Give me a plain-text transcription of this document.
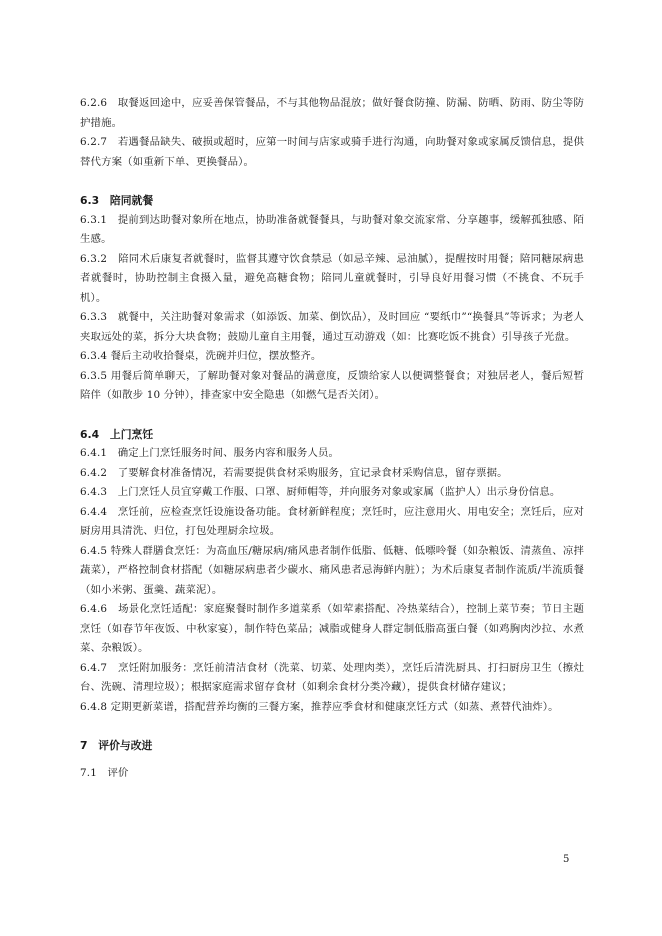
6.2.6　取餐返回途中，应妥善保管餐品，不与其他物品混放；做好餐食防撞、防漏、防晒、防雨、防尘等防护措施。

6.2.7　若遇餐品缺失、破损或超时，应第一时间与店家或骑手进行沟通，向助餐对象或家属反馈信息，提供替代方案（如重新下单、更换餐品）。

6.3　陪同就餐

6.3.1　提前到达助餐对象所在地点，协助准备就餐餐具，与助餐对象交流家常、分享趣事，缓解孤独感、陌生感。

6.3.2　陪同术后康复者就餐时，监督其遵守饮食禁忌（如忌辛辣、忌油腻），提醒按时用餐；陪同糖尿病患者就餐时，协助控制主食摄入量，避免高糖食物；陪同儿童就餐时，引导良好用餐习惯（不挑食、不玩手机）。

6.3.3　就餐中，关注助餐对象需求（如添饭、加菜、倒饮品），及时回应 “要纸巾”“换餐具”等诉求；为老人夹取远处的菜，拆分大块食物；鼓励儿童自主用餐，通过互动游戏（如：比赛吃饭不挑食）引导孩子光盘。

6.3.4 餐后主动收拾餐桌，洗碗并归位，摆放整齐。

6.3.5 用餐后简单聊天，了解助餐对象对餐品的满意度，反馈给家人以便调整餐食；对独居老人，餐后短暂陪伴（如散步 10 分钟），排查家中安全隐患（如燃气是否关闭）。

6.4　上门烹饪

6.4.1　确定上门烹饪服务时间、服务内容和服务人员。

6.4.2　了要解食材准备情况，若需要提供食材采购服务，宜记录食材采购信息，留存票据。

6.4.3　上门烹饪人员宜穿戴工作服、口罩、厨师帽等，并向服务对象或家属（监护人）出示身份信息。

6.4.4　烹饪前，应检查烹饪设施设备功能。食材新鲜程度；烹饪时，应注意用火、用电安全；烹饪后，应对厨房用具清洗、归位，打包处理厨余垃圾。

6.4.5 特殊人群膳食烹饪：为高血压/糖尿病/痛风患者制作低脂、低糖、低嘌呤餐（如杂粮饭、清蒸鱼、凉拌蔬菜），严格控制食材搭配（如糖尿病患者少碳水、痛风患者忌海鲜内脏）；为术后康复者制作流质/半流质餐（如小米粥、蛋羹、蔬菜泥）。

6.4.6　场景化烹饪适配：家庭聚餐时制作多道菜系（如荤素搭配、冷热菜结合），控制上菜节奏；节日主题烹饪（如春节年夜饭、中秋家宴），制作特色菜品；减脂或健身人群定制低脂高蛋白餐（如鸡胸肉沙拉、水煮菜、杂粮饭）。

6.4.7　烹饪附加服务：烹饪前清洁食材（洗菜、切菜、处理肉类），烹饪后清洗厨具、打扫厨房卫生（擦灶台、洗碗、清理垃圾）；根据家庭需求留存食材（如剩余食材分类冷藏），提供食材储存建议；

6.4.8 定期更新菜谱，搭配营养均衡的三餐方案，推荐应季食材和健康烹饪方式（如蒸、煮替代油炸）。

7　评价与改进

7.1　评价

5
